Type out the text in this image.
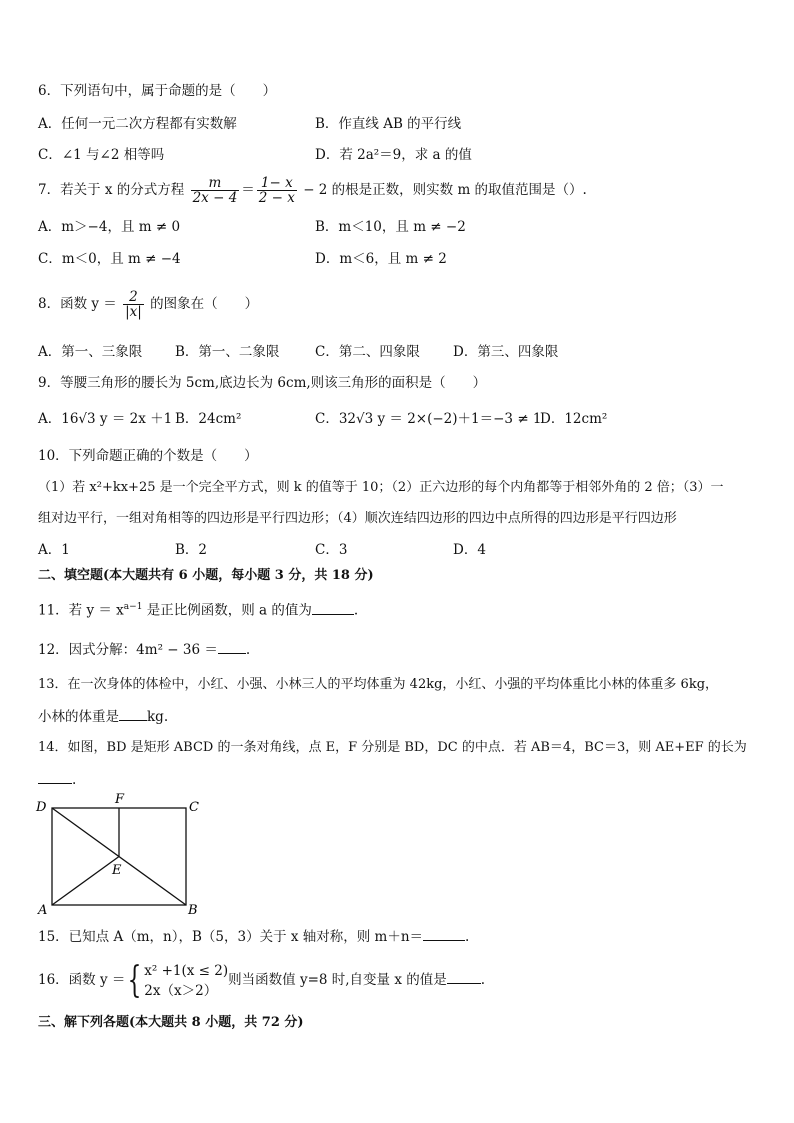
6．下列语句中，属于命题的是（　　）
A．任何一元二次方程都有实数解	B．作直线 AB 的平行线
C．∠1 与∠2 相等吗	D．若 2a²＝9，求 a 的值
7．若关于 x 的分式方程 $\frac{m}{2x - 4} = \frac{1- x}{2 - x} - 2$ 的根是正数，则实数 m 的取值范围是（）.
A．m＞−4，且 m ≠ 0	B．m＜10，且 m ≠ −2
C．m＜0，且 m ≠ −4	D．m＜6，且 m ≠ 2
8．函数 $y = \frac{2}{|x|}$ 的图象在（　　）
A．第一、三象限 B．第一、二象限	C．第二、四象限 D．第三、四象限
9．等腰三角形的腰长为 5cm,底边长为 6cm,则该三角形的面积是（　　）
A．16√3 y ＝ 2x ＋1 B．24cm²	C．32√3 y ＝ 2×(−2)＋1＝−3 ≠ 1
D．12cm²
10．下列命题正确的个数是（　　）
（1）若 x²+kx+25 是一个完全平方式，则 k 的值等于 10；（2）正六边形的每个内角都等于相邻外角的 2 倍；（3）一
组对边平行，一组对角相等的四边形是平行四边形；（4）顺次连结四边形的四边中点所得的四边形是平行四边形
A．1	B．2	C．3	D．4
二、填空题(本大题共有 6 小题，每小题 3 分，共 18 分)
11．若 $y = x^{a-1}$ 是正比例函数，则 a 的值为	.
12．因式分解：4m² − 36 ＝ .
13．在一次身体的体检中，小红、小强、小林三人的平均体重为 42kg，小红、小强的平均体重比小林的体重多 6kg，
小林的体重是 kg.
14．如图，BD 是矩形 ABCD 的一条对角线，点 E，F 分别是 BD，DC 的中点．若 AB＝4，BC＝3，则 AE+EF 的长为
.
D
F
C
E
A	B
15．已知点 A（m，n），B（5，3）关于 x 轴对称，则 m＋n＝	.
16．函数 y ＝{ x² +1(x ≤ 2)
2x（x＞2）
则当函数值 y=8 时,自变量 x 的值是	.
三、解下列各题(本大题共 8 小题，共 72 分)
